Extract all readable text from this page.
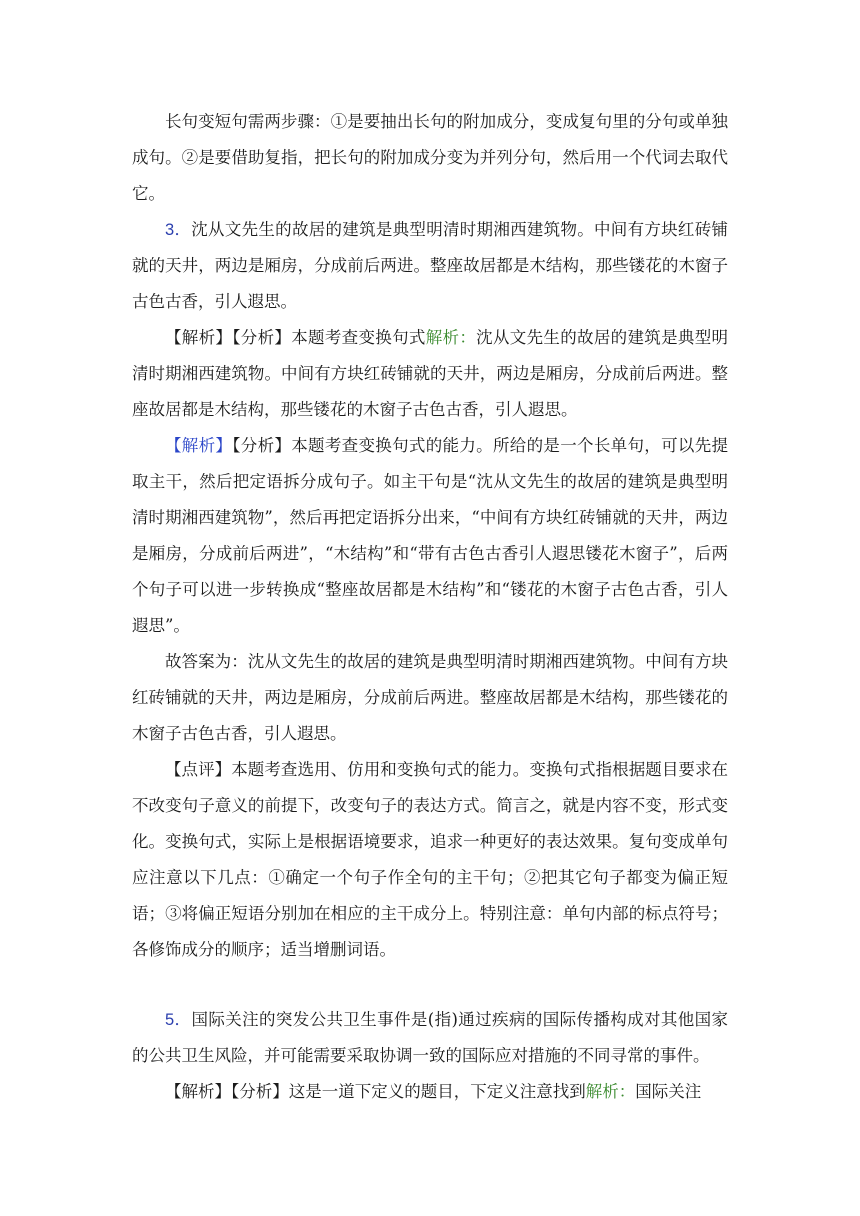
长句变短句需两步骤：①是要抽出长句的附加成分，变成复句里的分句或单独成句。②是要借助复指，把长句的附加成分变为并列分句，然后用一个代词去取代它。

3．沈从文先生的故居的建筑是典型明清时期湘西建筑物。中间有方块红砖铺就的天井，两边是厢房，分成前后两进。整座故居都是木结构，那些镂花的木窗子古色古香，引人遐思。

【解析】【分析】本题考查变换句式解析：沈从文先生的故居的建筑是典型明清时期湘西建筑物。中间有方块红砖铺就的天井，两边是厢房，分成前后两进。整座故居都是木结构，那些镂花的木窗子古色古香，引人遐思。

【解析】【分析】本题考查变换句式的能力。所给的是一个长单句，可以先提取主干，然后把定语拆分成句子。如主干句是“沈从文先生的故居的建筑是典型明清时期湘西建筑物”，然后再把定语拆分出来，“中间有方块红砖铺就的天井，两边是厢房，分成前后两进”，“木结构”和“带有古色古香引人遐思镂花木窗子”，后两个句子可以进一步转换成“整座故居都是木结构”和“镂花的木窗子古色古香，引人遐思”。

故答案为：沈从文先生的故居的建筑是典型明清时期湘西建筑物。中间有方块红砖铺就的天井，两边是厢房，分成前后两进。整座故居都是木结构，那些镂花的木窗子古色古香，引人遐思。

【点评】本题考查选用、仿用和变换句式的能力。变换句式指根据题目要求在不改变句子意义的前提下，改变句子的表达方式。简言之，就是内容不变，形式变化。变换句式，实际上是根据语境要求，追求一种更好的表达效果。复句变成单句应注意以下几点：①确定一个句子作全句的主干句；②把其它句子都变为偏正短语；③将偏正短语分别加在相应的主干成分上。特别注意：单句内部的标点符号；各修饰成分的顺序；适当增删词语。

5．国际关注的突发公共卫生事件是(指)通过疾病的国际传播构成对其他国家的公共卫生风险，并可能需要采取协调一致的国际应对措施的不同寻常的事件。

【解析】【分析】这是一道下定义的题目，下定义注意找到解析：国际关注
